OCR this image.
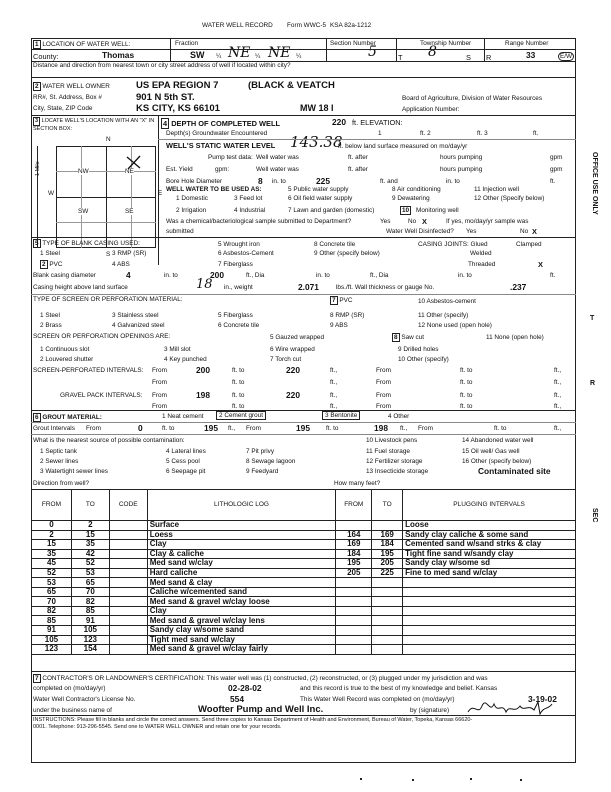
WATER WELL RECORD Form WWC-5 KSA 82a-1212
1 LOCATION OF WATER WELL:	Fraction	Section Number	Township Number	Range Number
County:	Thomas	SW ¼ NE ¼ NE ¼	5	T 8	S R	33	E/W
Distance and direction from nearest town or city street address of well if located within city?
2 WATER WELL OWNER	US EPA REGION 7	(BLACK & VEATCH
RR#, St. Address, Box #	901 N 5th ST.
City, State, ZIP Code	KS CITY, KS 66101	MW 18 I
Board of Agriculture, Division of Water Resources
Application Number:
3 LOCATE WELL'S LOCATION WITH AN "X" IN SECTION BOX:
N
S
W	E
1 Mile	NW	NE
SW	SE
4 DEPTH OF COMPLETED WELL	220 ft. ELEVATION:
Depth(s) Groundwater Encountered	1	ft. 2	ft. 3	ft.
WELL'S STATIC WATER LEVEL 143.38
ft. below land surface measured on mo/day/yr
Pump test data: Well water was	ft. after	hours pumping	gpm
Est. Yield	gpm:	Well water was	ft. after	hours pumping	gpm
Bore Hole Diameter	8 in. to	225	ft. and	in. to	ft.
WELL WATER TO BE USED AS:
1 Domestic	3 Feed lot
5 Public water supply	8 Air conditioning	11 Injection well
2 Irrigation	4 Industrial
6 Oil field water supply	9 Dewatering	12 Other (Specify below)
7 Lawn and garden (domestic)	10	Monitoring well
Was a chemical/bacteriological sample submitted to Department?	Yes	No X	If yes, mo/day/yr sample was
submitted	Water Well Disinfected? Yes	No X
5 TYPE OF BLANK CASING USED:
1 Steel	3 RMP (SR)
5 Wrought iron
6 Asbestos-Cement
8 Concrete tile
9 Other (specify below)
2 PVC	4 ABS	7 Fiberglass
CASING JOINTS: Glued	Clamped
Welded
Threaded	X
Blank casing diameter	4	in. to	200	ft., Dia	in. to	ft., Dia	in. to	ft.
Casing height above land surface	18 in., weight	2.071	lbs./ft. Wall thickness or gauge No.	.237
TYPE OF SCREEN OR PERFORATION MATERIAL:
1 Steel	3 Stainless steel	5 Fiberglass
7 PVC
8 RMP (SR)
10 Asbestos-cement
11 Other (specify)
2 Brass	4 Galvanized steel	6 Concrete tile	9 ABS	12 None used (open hole)
SCREEN OR PERFORATION OPENINGS ARE:	5 Gauzed wrapped	8 Saw cut	11 None (open hole)
1 Continuous slot	3 Mill slot	6 Wire wrapped	9 Drilled holes
2 Louvered shutter	4 Key punched	7 Torch cut	10 Other (specify)
SCREEN-PERFORATED INTERVALS: From	200	ft. to	220	ft.,	From	ft. to	ft.,
From	ft. to	ft.,	From	ft. to	ft.,
GRAVEL PACK INTERVALS: From	198	ft. to	220	ft.,	From	ft. to	ft.,
From	ft. to	ft.,	From	ft. to	ft.,
6 GROUT MATERIAL:	1 Neat cement	2 Cement grout	3 Bentonite	4 Other
Grout Intervals From	0	ft. to	195 ft., From	195	ft. to	198 ft., From	ft. to	ft.,
What is the nearest source of possible contamination:
1 Septic tank	4 Lateral lines	7 Pit privy
10 Livestock pens	14 Abandoned water well
2 Sewer lines	5 Cess pool	8 Sewage lagoon
11 Fuel storage	15 Oil well/ Gas well
3 Watertight sewer lines	6 Seepage pit	9 Feedyard
12 Fertilizer storage	16 Other (specify below)
13 Insecticide storage	Contaminated site
Direction from well?	How many feet?
FROM	TO	CODE	LITHOLOGIC LOG	FROM	TO	PLUGGING INTERVALS
0	2		Surface			Loose
2	15		Loess	164	169	Sandy clay caliche & some sand
15	35		Clay	169	184	Cemented sand w/sand strks & clay
35	42		Clay & caliche	184	195	Tight fine sand w/sandy clay
45	52		Med sand w/clay	195	205	Sandy clay w/some sd
52	53		Hard caliche	205	225	Fine to med sand w/clay
53	65		Med sand & clay			
65	70		Caliche w/cemented sand			
70	82		Med sand & gravel w/clay loose			
82	85		Clay			
85	91		Med sand & gravel w/clay lens			
91	105		Sandy clay w/some sand			
105	123		Tight med sand w/clay			
123	154		Med sand & gravel w/clay fairly			
7 CONTRACTOR'S OR LANDOWNER'S CERTIFICATION: This water well was (1) constructed, (2) reconstructed, or (3) plugged under my jurisdiction and was
completed on (mo/day/yr)	02-28-02	and this record is true to the best of my knowledge and belief. Kansas
Water Well Contractor's License No.	554	This Water Well Record was completed on (mo/day/yr)	3-19-02
under the business name of	Woofter Pump and Well Inc.	by (signature)
INSTRUCTIONS: Please fill in blanks and circle the correct answers. Send three copies to Kansas Department of Health and Environment, Bureau of Water, Topeka, Kansas 66620-
0001. Telephone: 913-296-5545. Send one to WATER WELL OWNER and retain one for your records.
OFFICE USE ONLY
T
R
SEC
